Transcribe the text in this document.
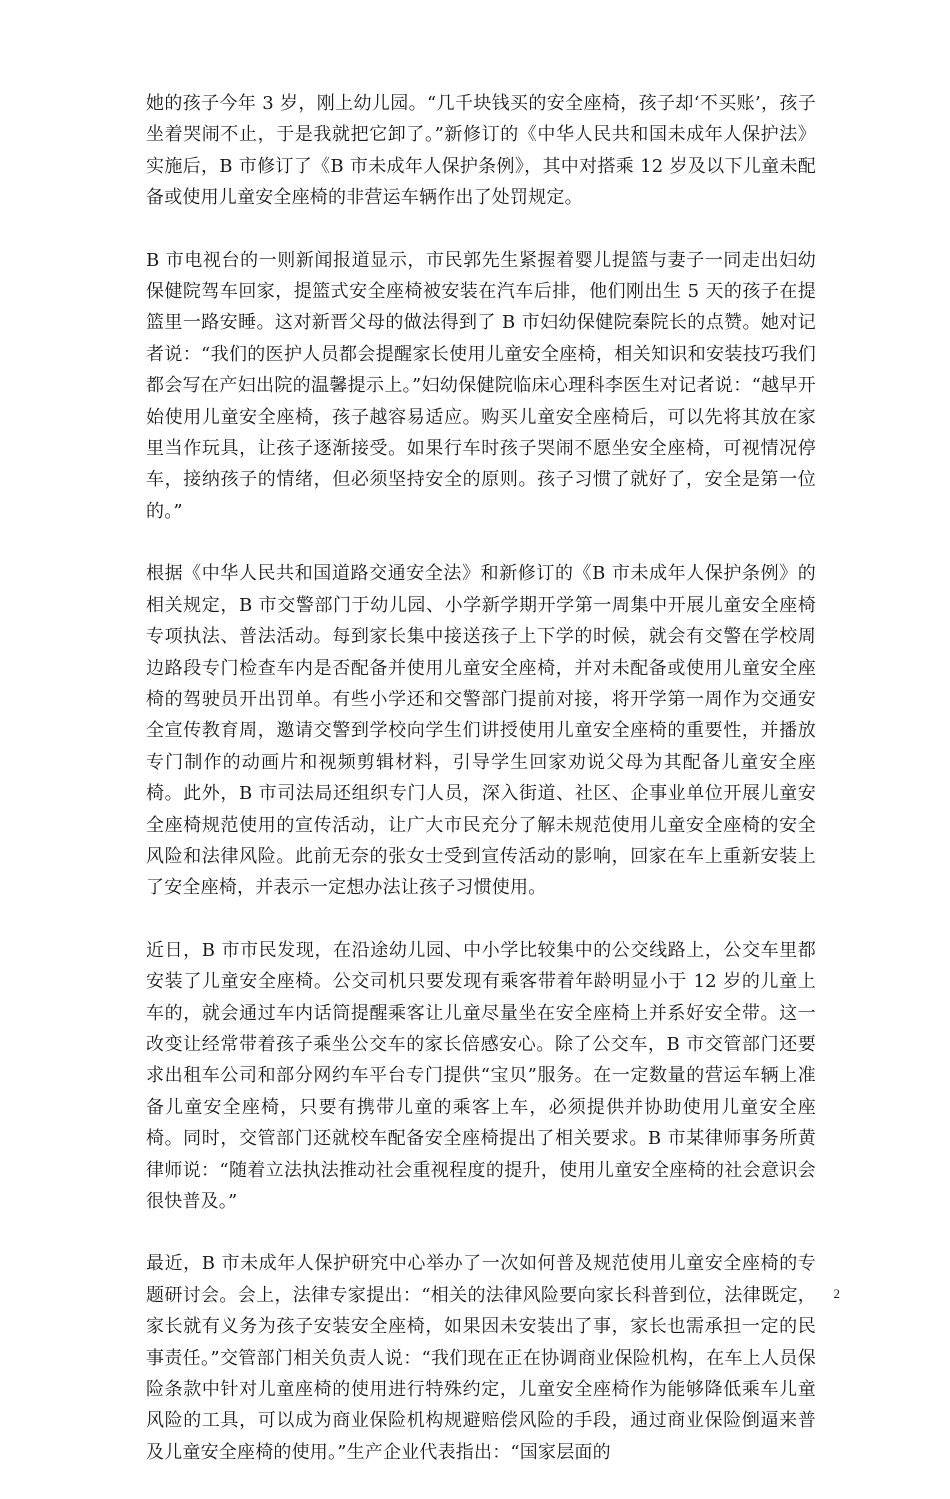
她的孩子今年 3 岁，刚上幼儿园。“几千块钱买的安全座椅，孩子却‘不买账’，孩子坐着哭闹不止，于是我就把它卸了。”新修订的《中华人民共和国未成年人保护法》实施后，B 市修订了《B 市未成年人保护条例》，其中对搭乘 12 岁及以下儿童未配备或使用儿童安全座椅的非营运车辆作出了处罚规定。

B 市电视台的一则新闻报道显示，市民郭先生紧握着婴儿提篮与妻子一同走出妇幼保健院驾车回家，提篮式安全座椅被安装在汽车后排，他们刚出生 5 天的孩子在提篮里一路安睡。这对新晋父母的做法得到了 B 市妇幼保健院秦院长的点赞。她对记者说：“我们的医护人员都会提醒家长使用儿童安全座椅，相关知识和安装技巧我们都会写在产妇出院的温馨提示上。”妇幼保健院临床心理科李医生对记者说：“越早开始使用儿童安全座椅，孩子越容易适应。购买儿童安全座椅后，可以先将其放在家里当作玩具，让孩子逐渐接受。如果行车时孩子哭闹不愿坐安全座椅，可视情况停车，接纳孩子的情绪，但必须坚持安全的原则。孩子习惯了就好了，安全是第一位的。”

根据《中华人民共和国道路交通安全法》和新修订的《B 市未成年人保护条例》的相关规定，B 市交警部门于幼儿园、小学新学期开学第一周集中开展儿童安全座椅专项执法、普法活动。每到家长集中接送孩子上下学的时候，就会有交警在学校周边路段专门检查车内是否配备并使用儿童安全座椅，并对未配备或使用儿童安全座椅的驾驶员开出罚单。有些小学还和交警部门提前对接，将开学第一周作为交通安全宣传教育周，邀请交警到学校向学生们讲授使用儿童安全座椅的重要性，并播放专门制作的动画片和视频剪辑材料，引导学生回家劝说父母为其配备儿童安全座椅。此外，B 市司法局还组织专门人员，深入街道、社区、企事业单位开展儿童安全座椅规范使用的宣传活动，让广大市民充分了解未规范使用儿童安全座椅的安全风险和法律风险。此前无奈的张女士受到宣传活动的影响，回家在车上重新安装上了安全座椅，并表示一定想办法让孩子习惯使用。

近日，B 市市民发现，在沿途幼儿园、中小学比较集中的公交线路上，公交车里都安装了儿童安全座椅。公交司机只要发现有乘客带着年龄明显小于 12 岁的儿童上车的，就会通过车内话筒提醒乘客让儿童尽量坐在安全座椅上并系好安全带。这一改变让经常带着孩子乘坐公交车的家长倍感安心。除了公交车，B 市交管部门还要求出租车公司和部分网约车平台专门提供“宝贝”服务。在一定数量的营运车辆上准备儿童安全座椅，只要有携带儿童的乘客上车，必须提供并协助使用儿童安全座椅。同时，交管部门还就校车配备安全座椅提出了相关要求。B 市某律师事务所黄律师说：“随着立法执法推动社会重视程度的提升，使用儿童安全座椅的社会意识会很快普及。”

最近，B 市未成年人保护研究中心举办了一次如何普及规范使用儿童安全座椅的专题研讨会。会上，法律专家提出：“相关的法律风险要向家长科普到位，法律既定，家长就有义务为孩子安装安全座椅，如果因未安装出了事，家长也需承担一定的民事责任。”交管部门相关负责人说：“我们现在正在协调商业保险机构，在车上人员保险条款中针对儿童座椅的使用进行特殊约定，儿童安全座椅作为能够降低乘车儿童风险的工具，可以成为商业保险机构规避赔偿风险的手段，通过商业保险倒逼来普及儿童安全座椅的使用。”生产企业代表指出：“国家层面的

2
